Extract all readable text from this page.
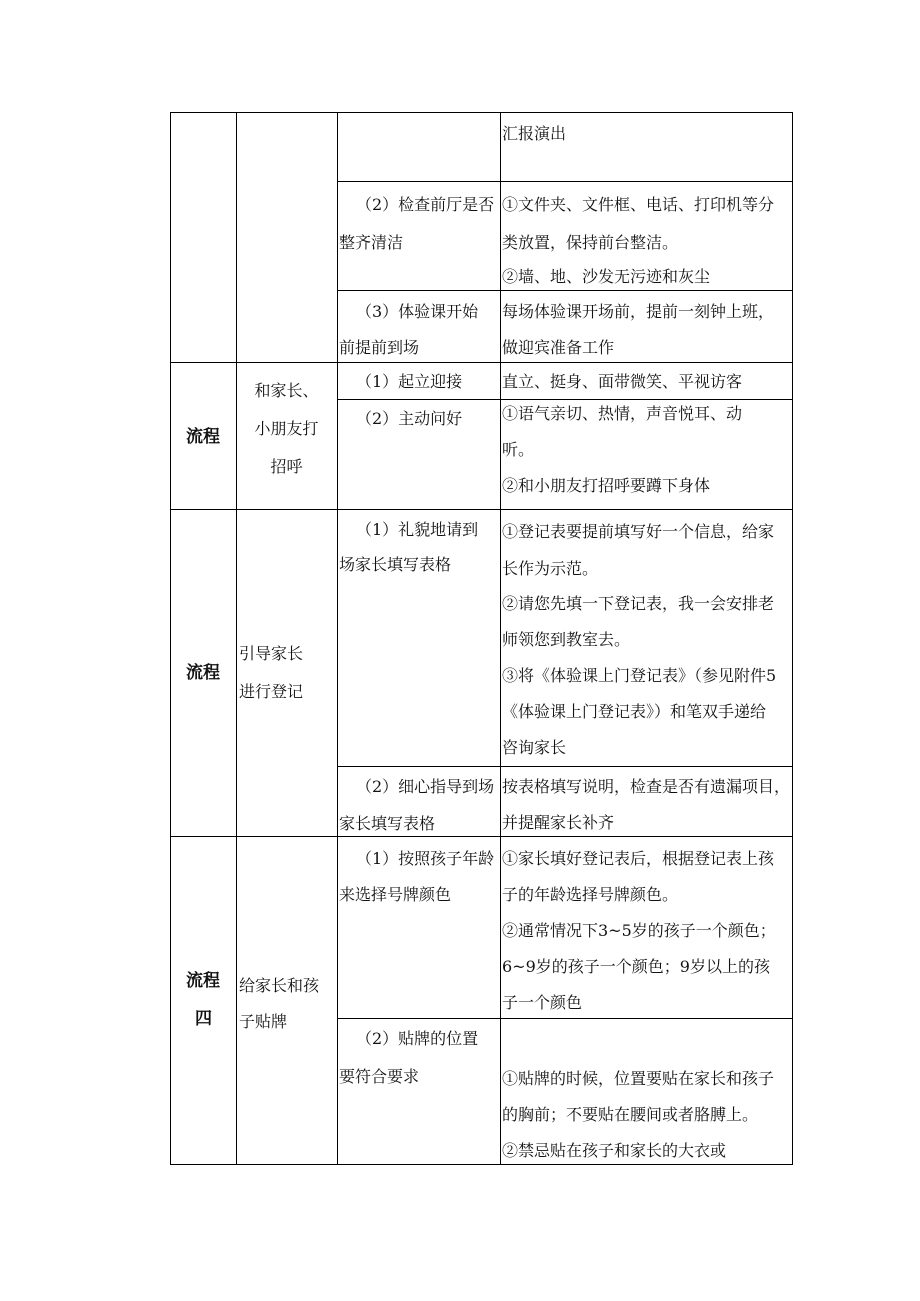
汇报演出
（2）检查前厅是否
整齐清洁
①文件夹、文件框、电话、打印机等分
类放置，保持前台整洁。
②墙、地、沙发无污迹和灰尘
（3）体验课开始
前提前到场
每场体验课开场前，提前一刻钟上班，
做迎宾准备工作
流程
和家长、
小朋友打
招呼
（1）起立迎接 直立、挺身、面带微笑、平视访客
（2）主动问好 ①语气亲切、热情，声音悦耳、动
听。
②和小朋友打招呼要蹲下身体
流程
引导家长
进行登记
（1）礼貌地请到
场家长填写表格
①登记表要提前填写好一个信息，给家
长作为示范。
②请您先填一下登记表，我一会安排老
师领您到教室去。
③将《体验课上门登记表》（参见附件5
《体验课上门登记表》）和笔双手递给
咨询家长
（2）细心指导到场
家长填写表格
按表格填写说明，检查是否有遗漏项目，
并提醒家长补齐
流程
四
给家长和孩
子贴牌
（1）按照孩子年龄
来选择号牌颜色
①家长填好登记表后，根据登记表上孩
子的年龄选择号牌颜色。
②通常情况下3~5岁的孩子一个颜色；
6~9岁的孩子一个颜色；9岁以上的孩
子一个颜色
（2）贴牌的位置
要符合要求	①贴牌的时候，位置要贴在家长和孩子
的胸前；不要贴在腰间或者胳膊上。
②禁忌贴在孩子和家长的大衣或
